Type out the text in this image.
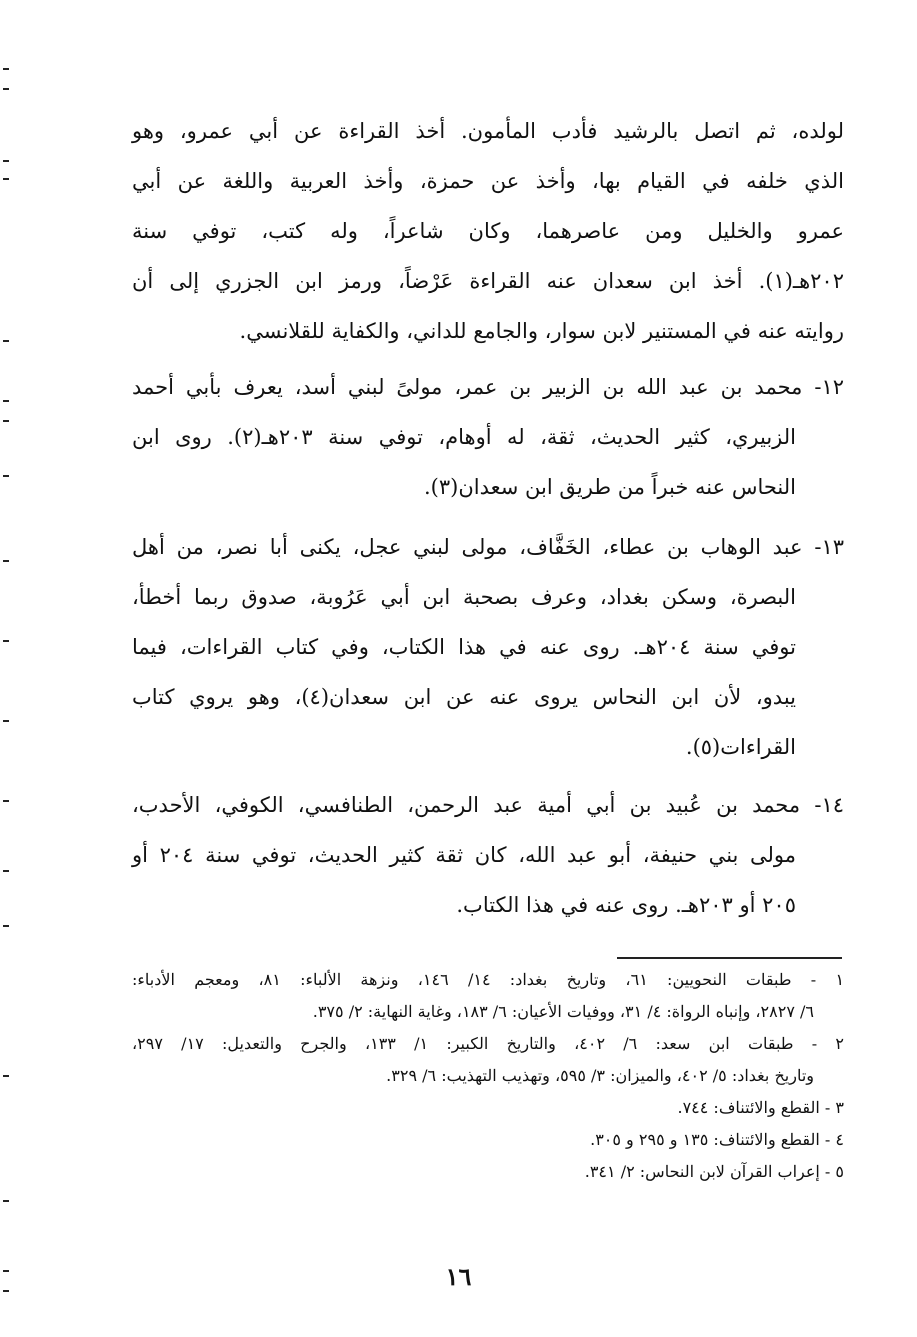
لولده، ثم اتصل بالرشيد فأدب المأمون. أخذ القراءة عن أبي عمرو، وهو
الذي خلفه في القيام بها، وأخذ عن حمزة، وأخذ العربية واللغة عن أبي
عمرو والخليل ومن عاصرهما، وكان شاعراً، وله كتب، توفي سنة
٢٠٢هـ(١). أخذ ابن سعدان عنه القراءة عَرْضاً، ورمز ابن الجزري إلى أن
روايته عنه في المستنير لابن سوار، والجامع للداني، والكفاية للقلانسي.
١٢- محمد بن عبد الله بن الزبير بن عمر، مولىً لبني أسد، يعرف بأبي أحمد
الزبيري، كثير الحديث، ثقة، له أوهام، توفي سنة ٢٠٣هـ(٢). روى ابن
النحاس عنه خبراً من طريق ابن سعدان(٣).
١٣- عبد الوهاب بن عطاء، الخَفَّاف، مولى لبني عجل، يكنى أبا نصر، من أهل
البصرة، وسكن بغداد، وعرف بصحبة ابن أبي عَرُوبة، صدوق ربما أخطأ،
توفي سنة ٢٠٤هـ. روى عنه في هذا الكتاب، وفي كتاب القراءات، فيما
يبدو، لأن ابن النحاس يروى عنه عن ابن سعدان(٤)، وهو يروي كتاب
القراءات(٥).
١٤- محمد بن عُبيد بن أبي أمية عبد الرحمن، الطنافسي، الكوفي، الأحدب،
مولى بني حنيفة، أبو عبد الله، كان ثقة كثير الحديث، توفي سنة ٢٠٤ أو
٢٠٥ أو ٢٠٣هـ. روى عنه في هذا الكتاب.
١ - طبقات النحويين: ٦١، وتاريخ بغداد: ١٤/ ١٤٦، ونزهة الألباء: ٨١، ومعجم الأدباء:
٦/ ٢٨٢٧، وإنباه الرواة: ٤/ ٣١، ووفيات الأعيان: ٦/ ١٨٣، وغاية النهاية: ٢/ ٣٧٥.
٢ - طبقات ابن سعد: ٦/ ٤٠٢، والتاريخ الكبير: ١/ ١٣٣، والجرح والتعديل: ١٧/ ٢٩٧،
وتاريخ بغداد: ٥/ ٤٠٢، والميزان: ٣/ ٥٩٥، وتهذيب التهذيب: ٦/ ٣٢٩.
٣ - القطع والائتناف: ٧٤٤.
٤ - القطع والائتناف: ١٣٥ و ٢٩٥ و ٣٠٥.
٥ - إعراب القرآن لابن النحاس: ٢/ ٣٤١.
١٦
